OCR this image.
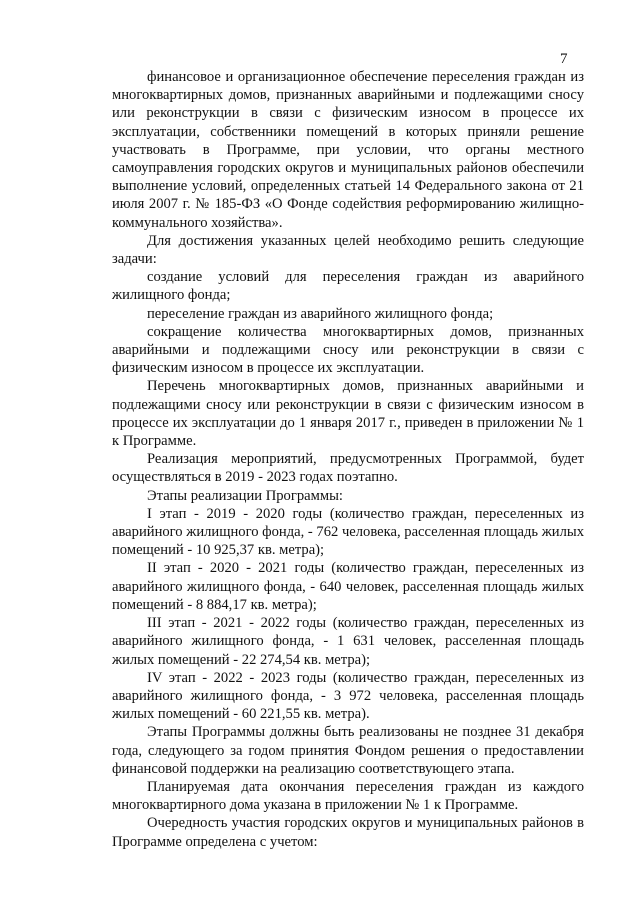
7

финансовое и организационное обеспечение переселения граждан из многоквартирных домов, признанных аварийными и подлежащими сносу или реконструкции в связи с физическим износом в процессе их эксплуатации, собственники помещений в которых приняли решение участвовать в Программе, при условии, что органы местного самоуправления городских округов и муниципальных районов обеспечили выполнение условий, определенных статьей 14 Федерального закона от 21 июля 2007 г. № 185-ФЗ «О Фонде содействия реформированию жилищно-коммунального хозяйства».

Для достижения указанных целей необходимо решить следующие задачи:

создание условий для переселения граждан из аварийного жилищного фонда;

переселение граждан из аварийного жилищного фонда;

сокращение количества многоквартирных домов, признанных аварийными и подлежащими сносу или реконструкции в связи с физическим износом в процессе их эксплуатации.

Перечень многоквартирных домов, признанных аварийными и подлежащими сносу или реконструкции в связи с физическим износом в процессе их эксплуатации до 1 января 2017 г., приведен в приложении № 1 к Программе.

Реализация мероприятий, предусмотренных Программой, будет осуществляться в 2019 - 2023 годах поэтапно.

Этапы реализации Программы:

I этап - 2019 - 2020 годы (количество граждан, переселенных из аварийного жилищного фонда, - 762 человека, расселенная площадь жилых помещений - 10 925,37 кв. метра);

II этап - 2020 - 2021 годы (количество граждан, переселенных из аварийного жилищного фонда, - 640 человек, расселенная площадь жилых помещений - 8 884,17 кв. метра);

III этап - 2021 - 2022 годы (количество граждан, переселенных из аварийного жилищного фонда, - 1 631 человек, расселенная площадь жилых помещений - 22 274,54 кв. метра);

IV этап - 2022 - 2023 годы (количество граждан, переселенных из аварийного жилищного фонда, - 3 972 человека, расселенная площадь жилых помещений - 60 221,55 кв. метра).

Этапы Программы должны быть реализованы не позднее 31 декабря года, следующего за годом принятия Фондом решения о предоставлении финансовой поддержки на реализацию соответствующего этапа.

Планируемая дата окончания переселения граждан из каждого многоквартирного дома указана в приложении № 1 к Программе.

Очередность участия городских округов и муниципальных районов в Программе определена с учетом:
